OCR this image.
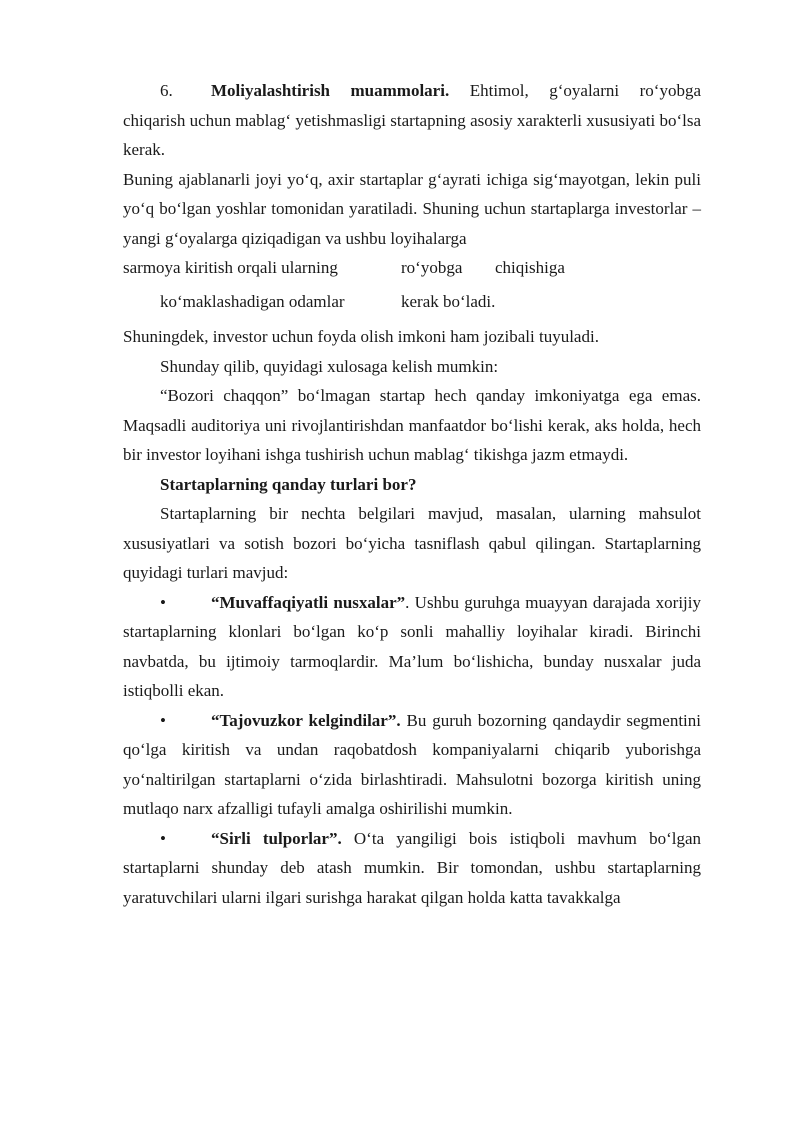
6. Moliyalashtirish muammolari. Ehtimol, g‘oyalarni ro‘yobga chiqarish uchun mablag‘ yetishmasligi startapning asosiy xarakterli xususiyati bo‘lsa kerak.

Buning ajablanarli joyi yo‘q, axir startaplar g‘ayrati ichiga sig‘mayotgan, lekin puli yo‘q bo‘lgan yoshlar tomonidan yaratiladi. Shuning uchun startaplarga investorlar – yangi g‘oyalarga qiziqadigan va ushbu loyihalarga

sarmoya kiritish orqali ularning	ro‘yobga	chiqishiga
ko‘maklashadigan odamlar	kerak bo‘ladi.

Shuningdek, investor uchun foyda olish imkoni ham jozibali tuyuladi.

Shunday qilib, quyidagi xulosaga kelish mumkin:

“Bozori chaqqon” bo‘lmagan startap hech qanday imkoniyatga ega emas. Maqsadli auditoriya uni rivojlantirishdan manfaatdor bo‘lishi kerak, aks holda, hech bir investor loyihani ishga tushirish uchun mablag‘ tikishga jazm etmaydi.

Startaplarning qanday turlari bor?

Startaplarning bir nechta belgilari mavjud, masalan, ularning mahsulot xususiyatlari va sotish bozori bo‘yicha tasniflash qabul qilingan. Startaplarning quyidagi turlari mavjud:

•	“Muvaffaqiyatli nusxalar”. Ushbu guruhga muayyan darajada xorijiy startaplarning klonlari bo‘lgan ko‘p sonli mahalliy loyihalar kiradi. Birinchi navbatda, bu ijtimoiy tarmoqlardir. Ma’lum bo‘lishicha, bunday nusxalar juda istiqbolli ekan.

•	“Tajovuzkor kelgindilar”. Bu guruh bozorning qandaydir segmentini qo‘lga kiritish va undan raqobatdosh kompaniyalarni chiqarib yuborishga yo‘naltirilgan startaplarni o‘zida birlashtiradi. Mahsulotni bozorga kiritish uning mutlaqo narx afzalligi tufayli amalga oshirilishi mumkin.

•	“Sirli tulporlar”. O‘ta yangiligi bois istiqboli mavhum bo‘lgan startaplarni shunday deb atash mumkin. Bir tomondan, ushbu startaplarning yaratuvchilari ularni ilgari surishga harakat qilgan holda katta tavakkalga
